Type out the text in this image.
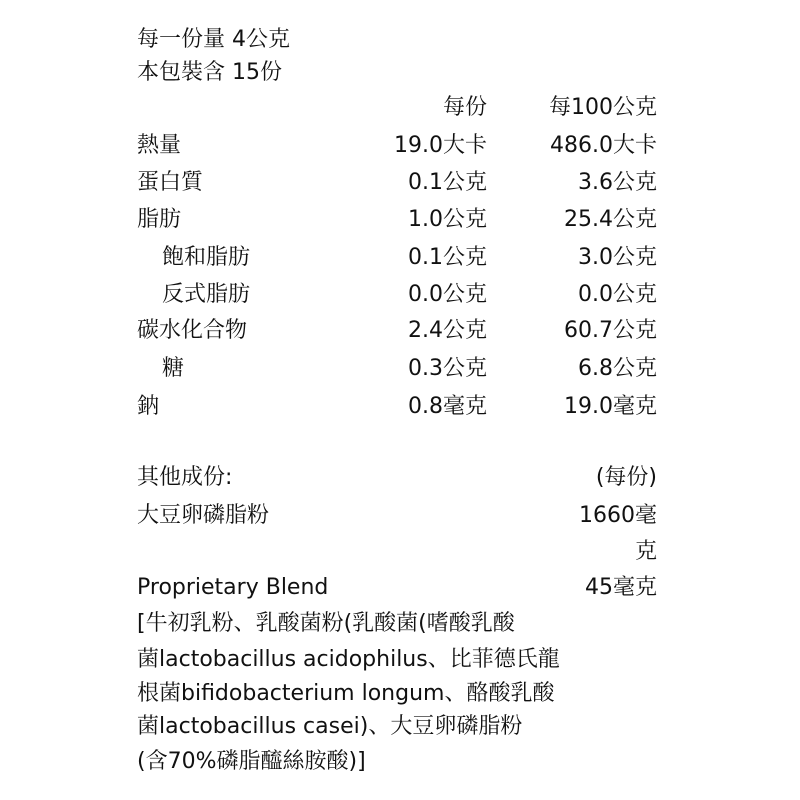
每一份量 4公克
本包裝含 15份
每份	每100公克
熱量	19.0大卡	486.0大卡
蛋白質	0.1公克	3.6公克
脂肪	1.0公克	25.4公克
飽和脂肪	0.1公克	3.0公克
反式脂肪	0.0公克	0.0公克
碳水化合物	2.4公克	60.7公克
糖	0.3公克	6.8公克
鈉	0.8毫克	19.0毫克
其他成份:	(每份)
大豆卵磷脂粉	1660毫
克
Proprietary Blend	45毫克
[牛初乳粉、乳酸菌粉(乳酸菌(嗜酸乳酸
菌lactobacillus acidophilus、比菲德氏龍
根菌bifidobacterium longum、酪酸乳酸
菌lactobacillus casei)、大豆卵磷脂粉
(含70%磷脂醯絲胺酸)]
